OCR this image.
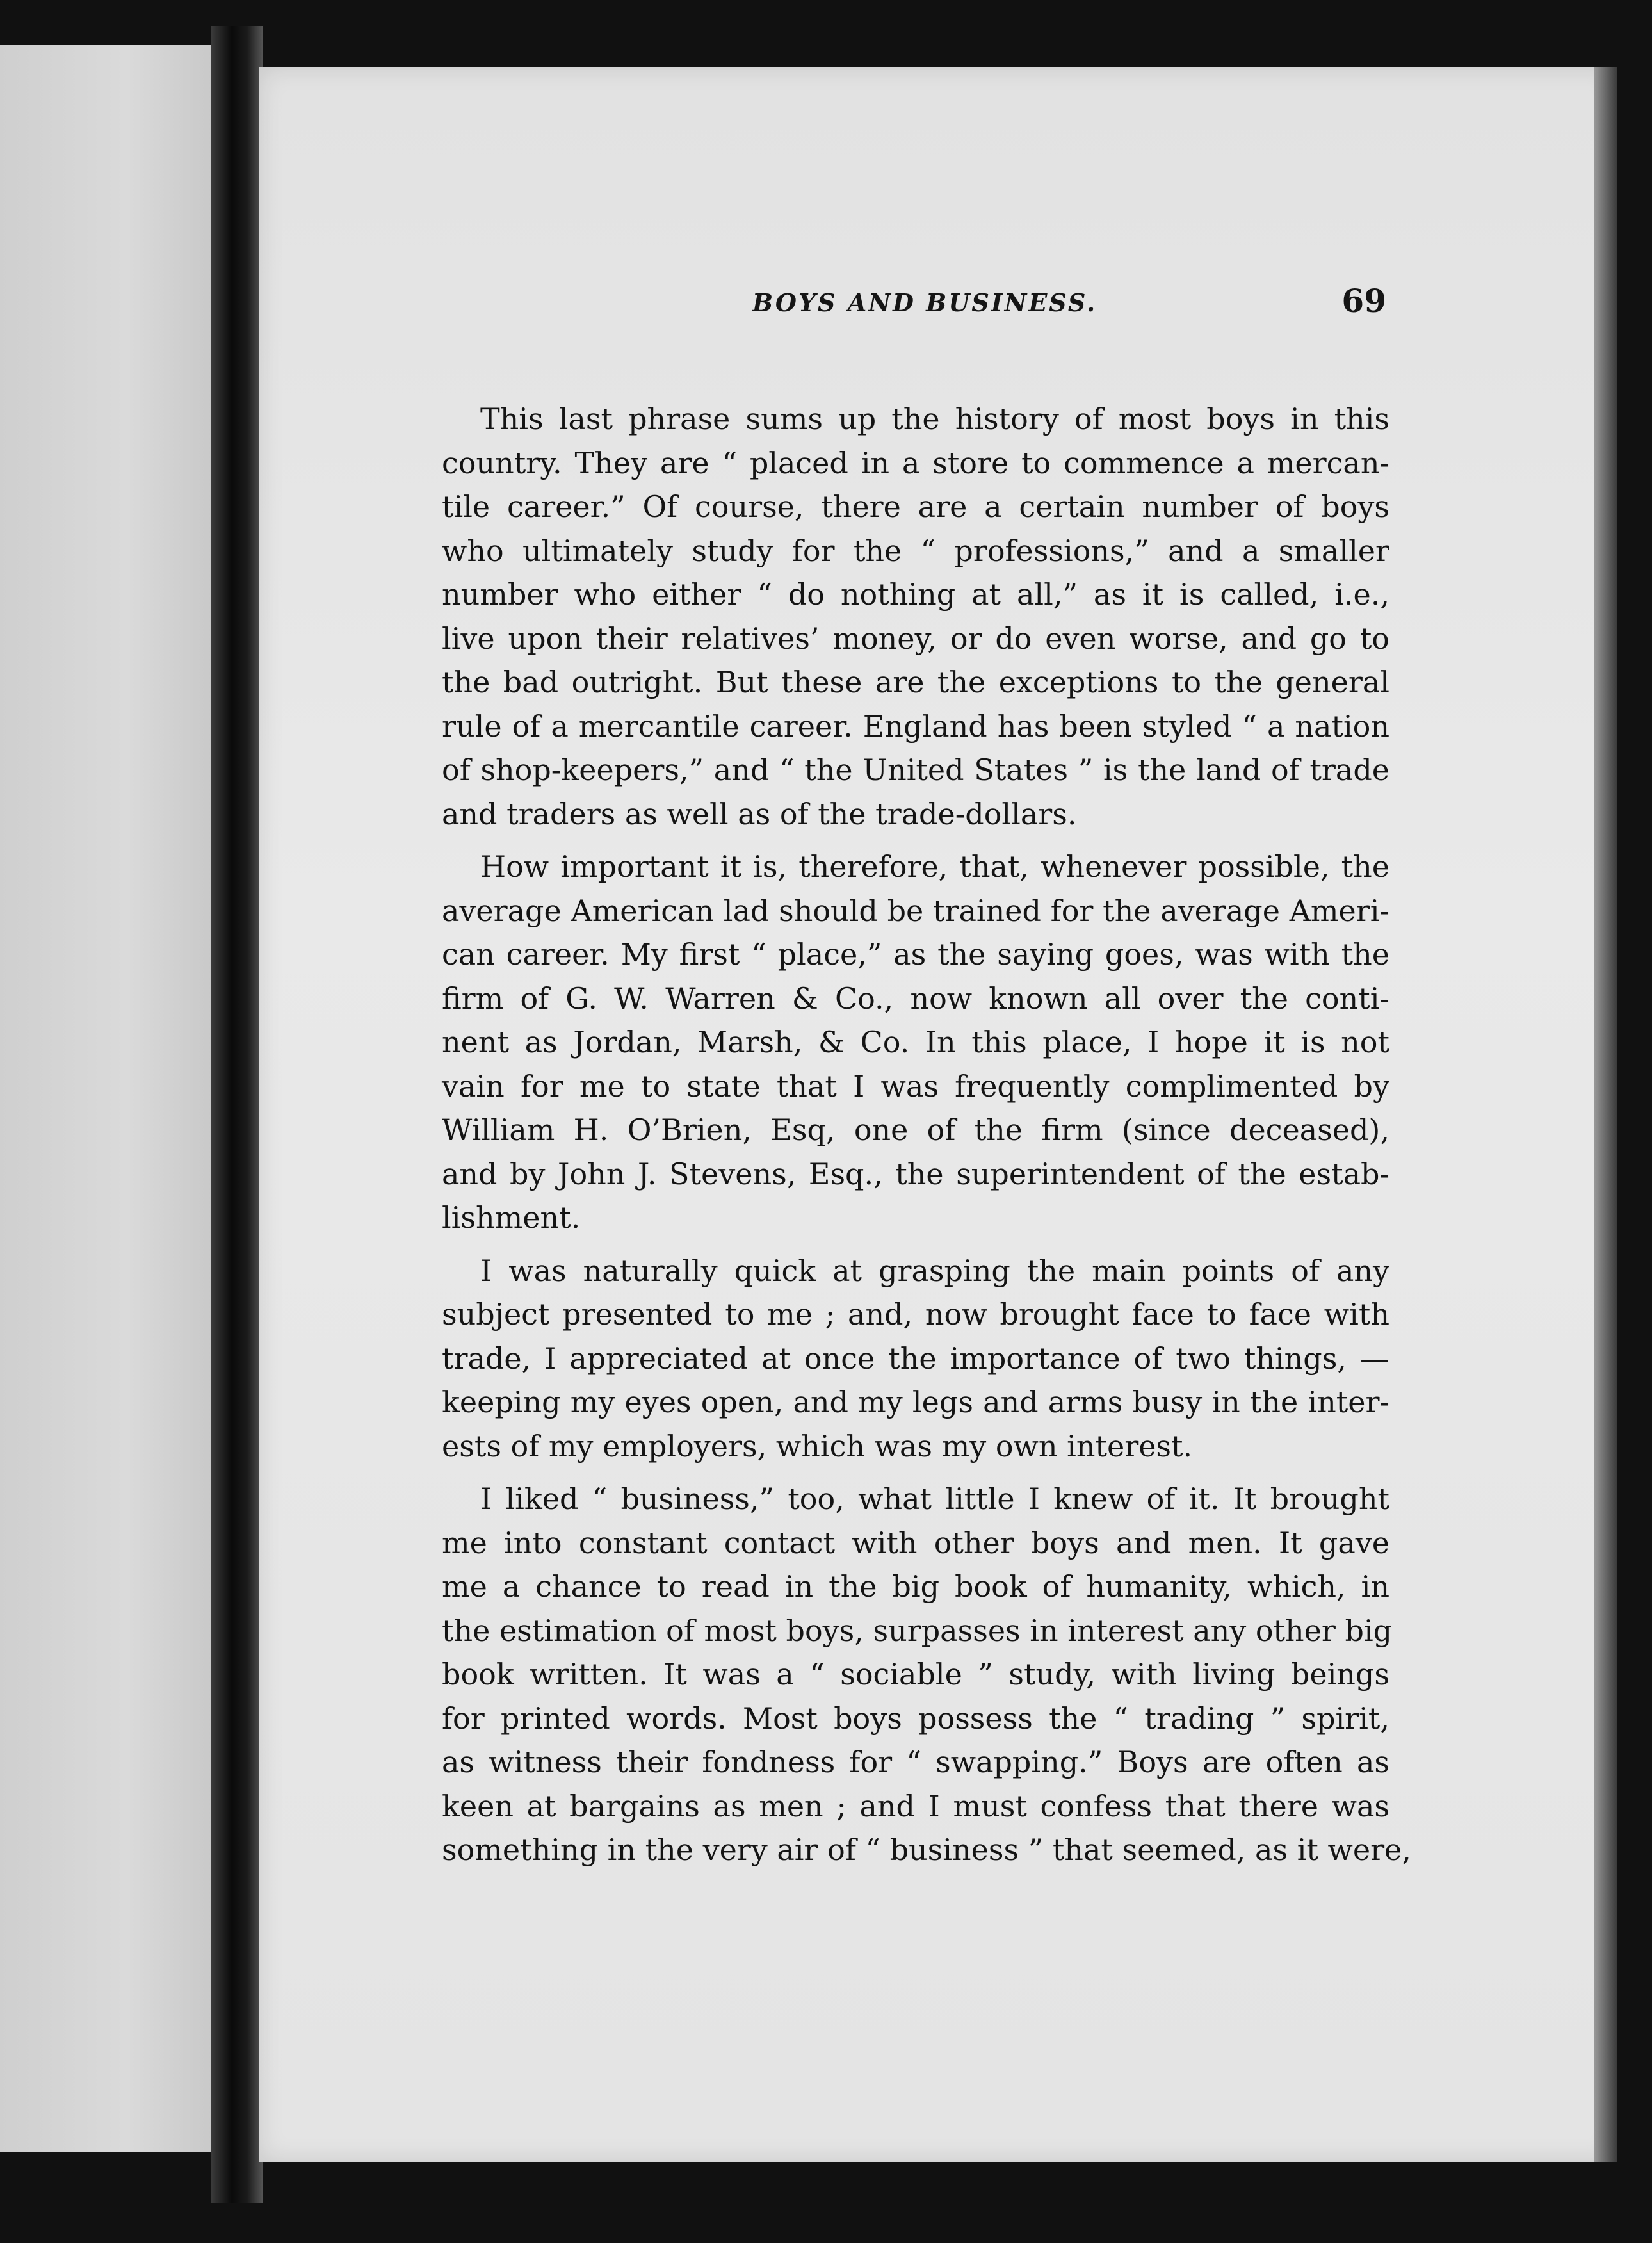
BOYS AND BUSINESS.	69
This last phrase sums up the history of most boys in this
country. They are “ placed in a store to commence a mercan-
tile career.” Of course, there are a certain number of boys
who ultimately study for the “ professions,” and a smaller
number who either “ do nothing at all,” as it is called, i.e.,
live upon their relatives’ money, or do even worse, and go to
the bad outright. But these are the exceptions to the general
rule of a mercantile career. England has been styled “ a nation
of shop-keepers,” and “ the United States ” is the land of trade
and traders as well as of the trade-dollars.
How important it is, therefore, that, whenever possible, the
average American lad should be trained for the average Ameri-
can career. My first “ place,” as the saying goes, was with the
firm of G. W. Warren & Co., now known all over the conti-
nent as Jordan, Marsh, & Co. In this place, I hope it is not
vain for me to state that I was frequently complimented by
William H. O’Brien, Esq, one of the firm (since deceased),
and by John J. Stevens, Esq., the superintendent of the estab-
lishment.
I was naturally quick at grasping the main points of any
subject presented to me ; and, now brought face to face with
trade, I appreciated at once the importance of two things, —
keeping my eyes open, and my legs and arms busy in the inter-
ests of my employers, which was my own interest.
I liked “ business,” too, what little I knew of it. It brought
me into constant contact with other boys and men. It gave
me a chance to read in the big book of humanity, which, in
the estimation of most boys, surpasses in interest any other big
book written. It was a “ sociable ” study, with living beings
for printed words. Most boys possess the “ trading ” spirit,
as witness their fondness for “ swapping.” Boys are often as
keen at bargains as men ; and I must confess that there was
something in the very air of “ business ” that seemed, as it were,
